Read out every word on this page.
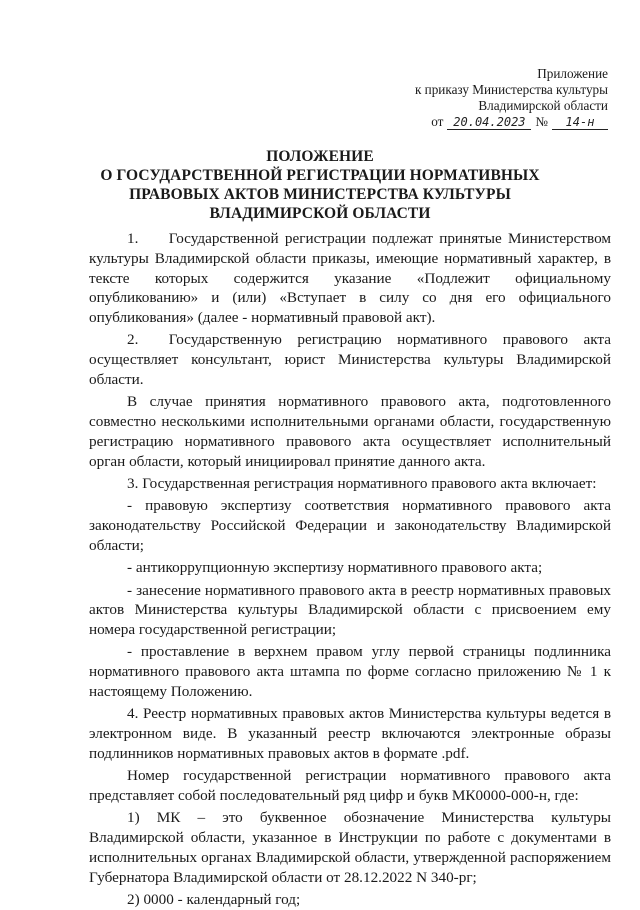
Приложение
к приказу Министерства культуры
Владимирской области
от 20.04.2023 №	14-н
ПОЛОЖЕНИЕ
О ГОСУДАРСТВЕННОЙ РЕГИСТРАЦИИ НОРМАТИВНЫХ
ПРАВОВЫХ АКТОВ МИНИСТЕРСТВА КУЛЬТУРЫ
ВЛАДИМИРСКОЙ ОБЛАСТИ

1.  Государственной регистрации подлежат принятые Министерством культуры Владимирской области приказы, имеющие нормативный характер, в тексте которых содержится указание «Подлежит официальному опубликованию» и (или) «Вступает в силу со дня его официального опубликования» (далее - нормативный правовой акт).

2.  Государственную регистрацию нормативного правового акта осуществляет консультант, юрист Министерства культуры Владимирской области.

В случае принятия нормативного правового акта, подготовленного совместно несколькими исполнительными органами области, государственную регистрацию нормативного правового акта осуществляет исполнительный орган области, который инициировал принятие данного акта.

3. Государственная регистрация нормативного правового акта включает:

- правовую экспертизу соответствия нормативного правового акта законодательству Российской Федерации и законодательству Владимирской области;

- антикоррупционную экспертизу нормативного правового акта;

- занесение нормативного правового акта в реестр нормативных правовых актов Министерства культуры Владимирской области с присвоением ему номера государственной регистрации;

- проставление в верхнем правом углу первой страницы подлинника нормативного правового акта штампа по форме согласно приложению № 1 к настоящему Положению.

4. Реестр нормативных правовых актов Министерства культуры ведется в электронном виде. В указанный реестр включаются электронные образы подлинников нормативных правовых актов в формате .pdf.

Номер государственной регистрации нормативного правового акта представляет собой последовательный ряд цифр и букв МК0000-000-н, где:

1) МК – это буквенное обозначение Министерства культуры Владимирской области, указанное в Инструкции по работе с документами в исполнительных органах Владимирской области, утвержденной распоряжением Губернатора Владимирской области от 28.12.2022 N 340-рг;

2) 0000 - календарный год;
